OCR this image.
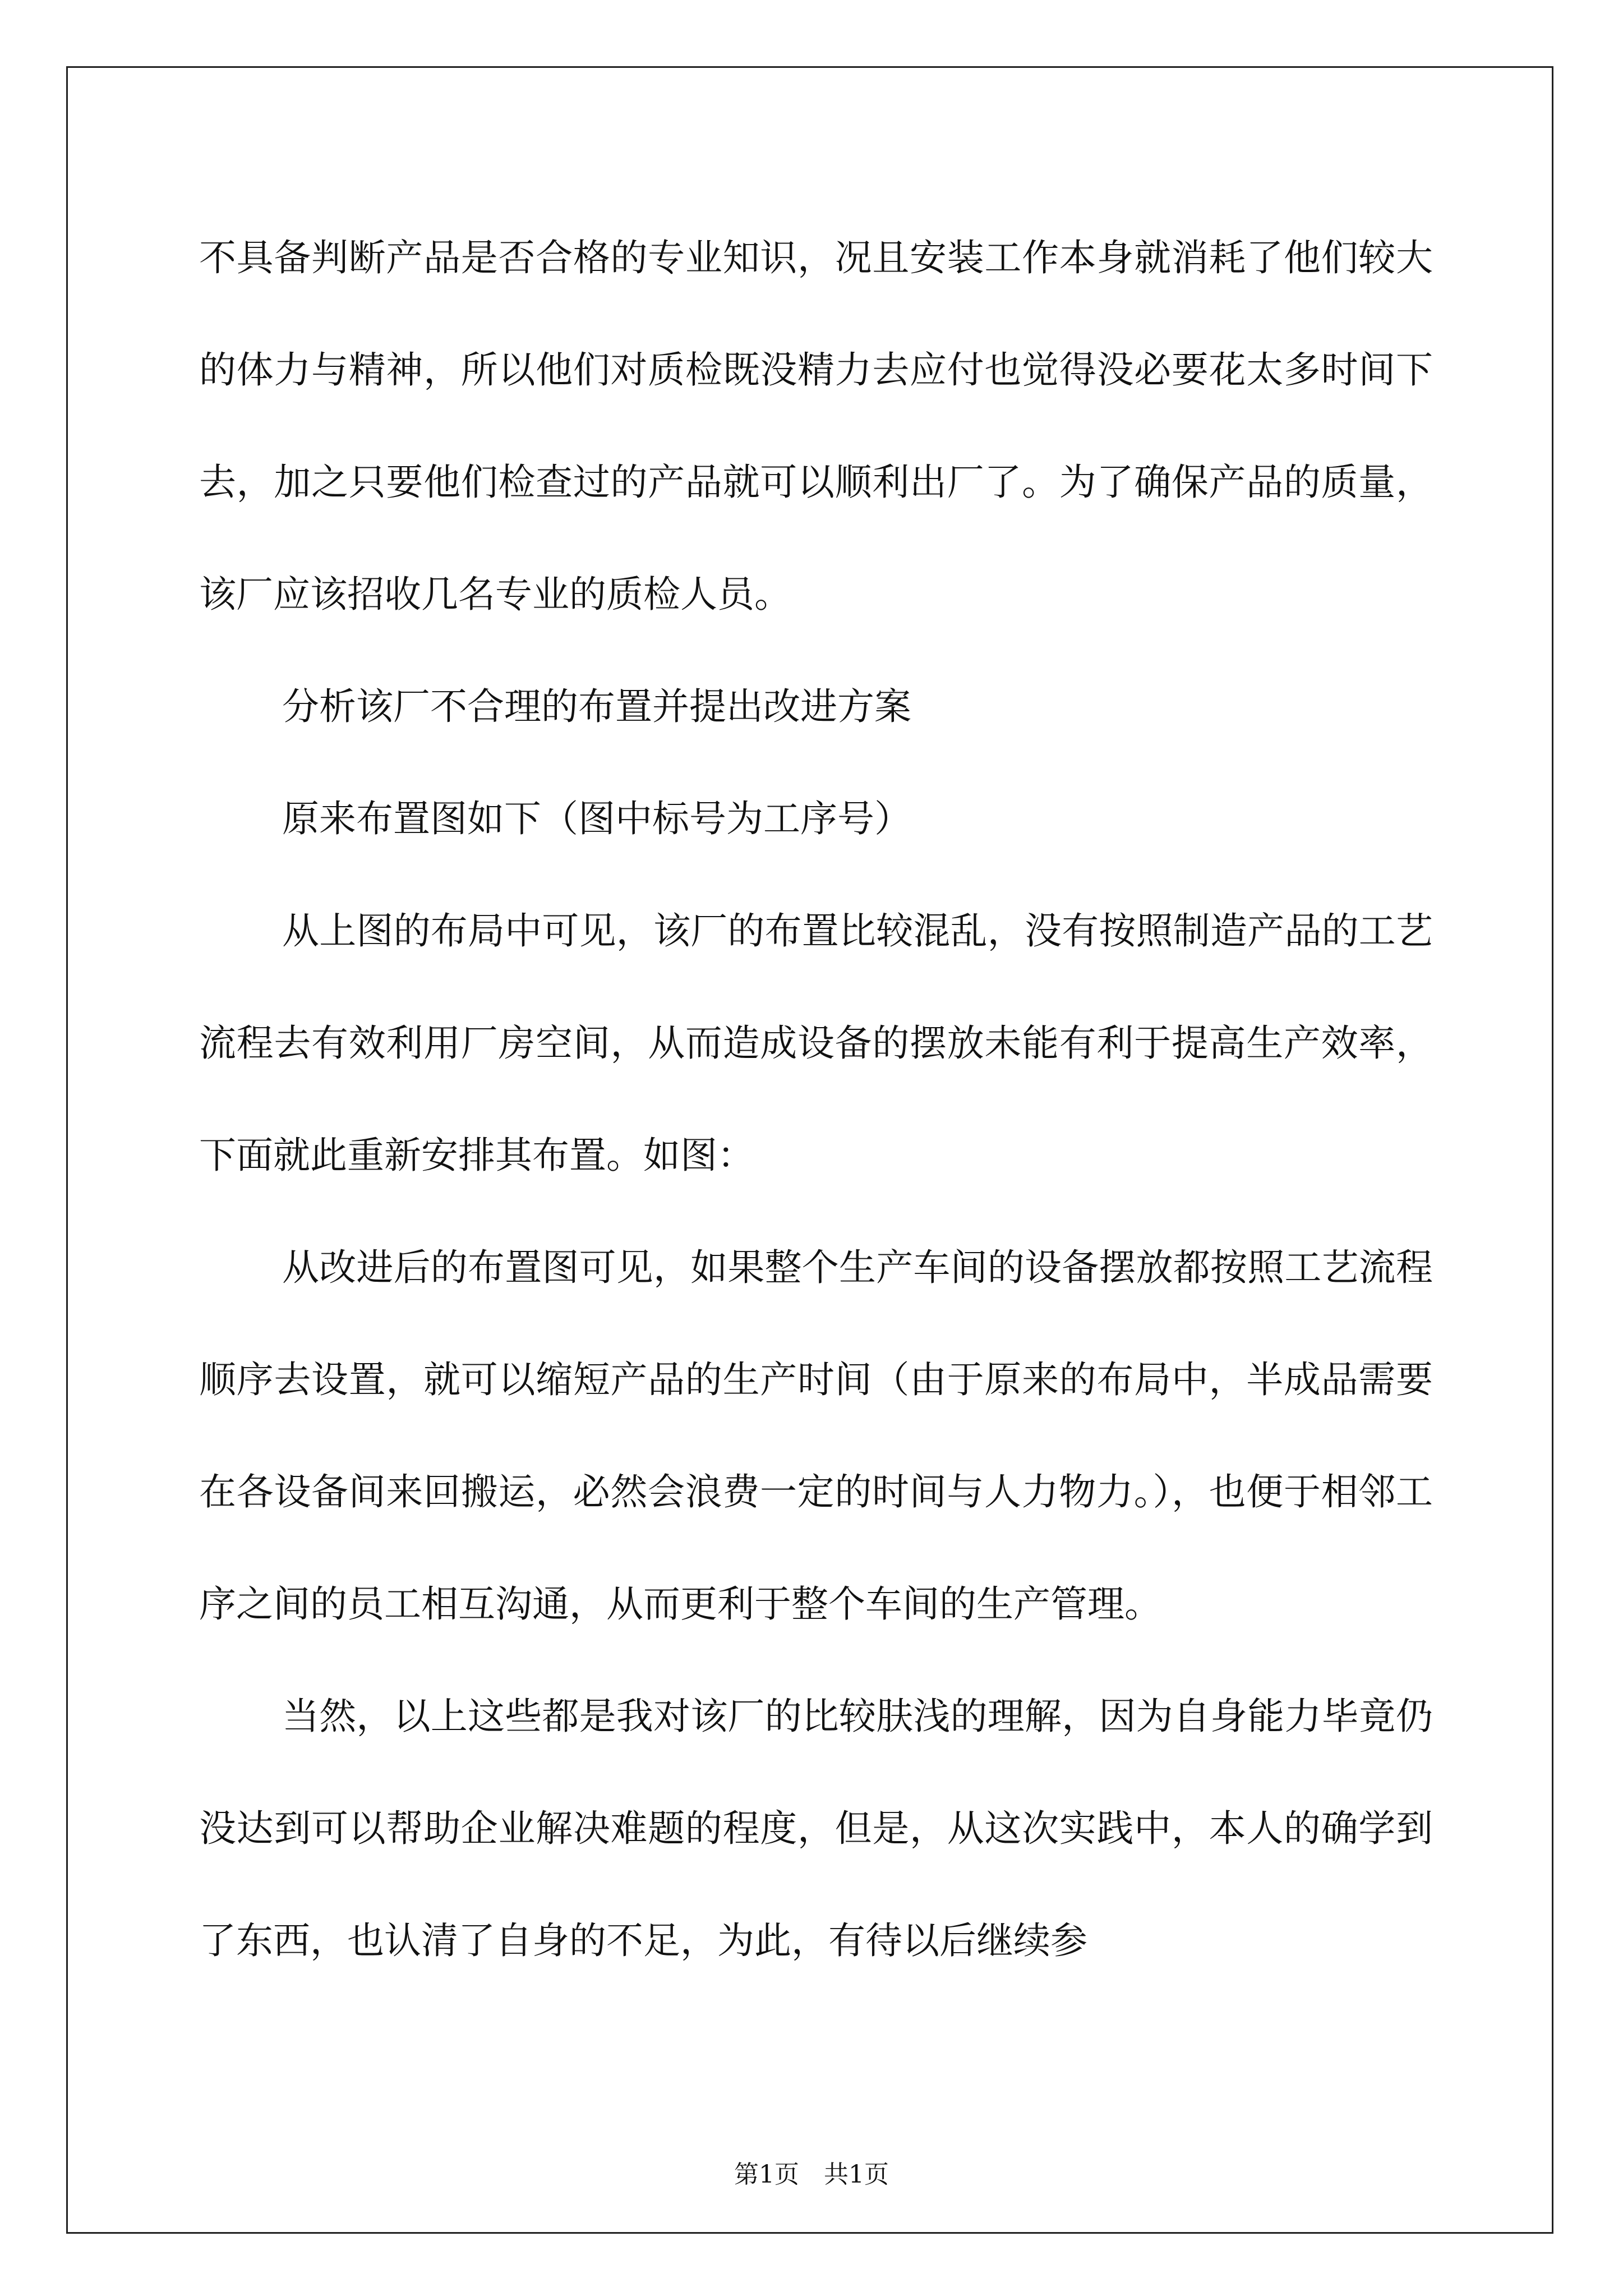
不具备判断产品是否合格的专业知识，况且安装工作本身就消耗了他们较大的体力与精神，所以他们对质检既没精力去应付也觉得没必要花太多时间下去，加之只要他们检查过的产品就可以顺利出厂了。为了确保产品的质量，该厂应该招收几名专业的质检人员。

分析该厂不合理的布置并提出改进方案

原来布置图如下（图中标号为工序号）

从上图的布局中可见，该厂的布置比较混乱，没有按照制造产品的工艺流程去有效利用厂房空间，从而造成设备的摆放未能有利于提高生产效率，下面就此重新安排其布置。如图：

从改进后的布置图可见，如果整个生产车间的设备摆放都按照工艺流程顺序去设置，就可以缩短产品的生产时间（由于原来的布局中，半成品需要在各设备间来回搬运，必然会浪费一定的时间与人力物力。），也便于相邻工序之间的员工相互沟通，从而更利于整个车间的生产管理。

当然，以上这些都是我对该厂的比较肤浅的理解，因为自身能力毕竟仍没达到可以帮助企业解决难题的程度，但是，从这次实践中，本人的确学到了东西，也认清了自身的不足，为此，有待以后继续参

第1页 共1页
